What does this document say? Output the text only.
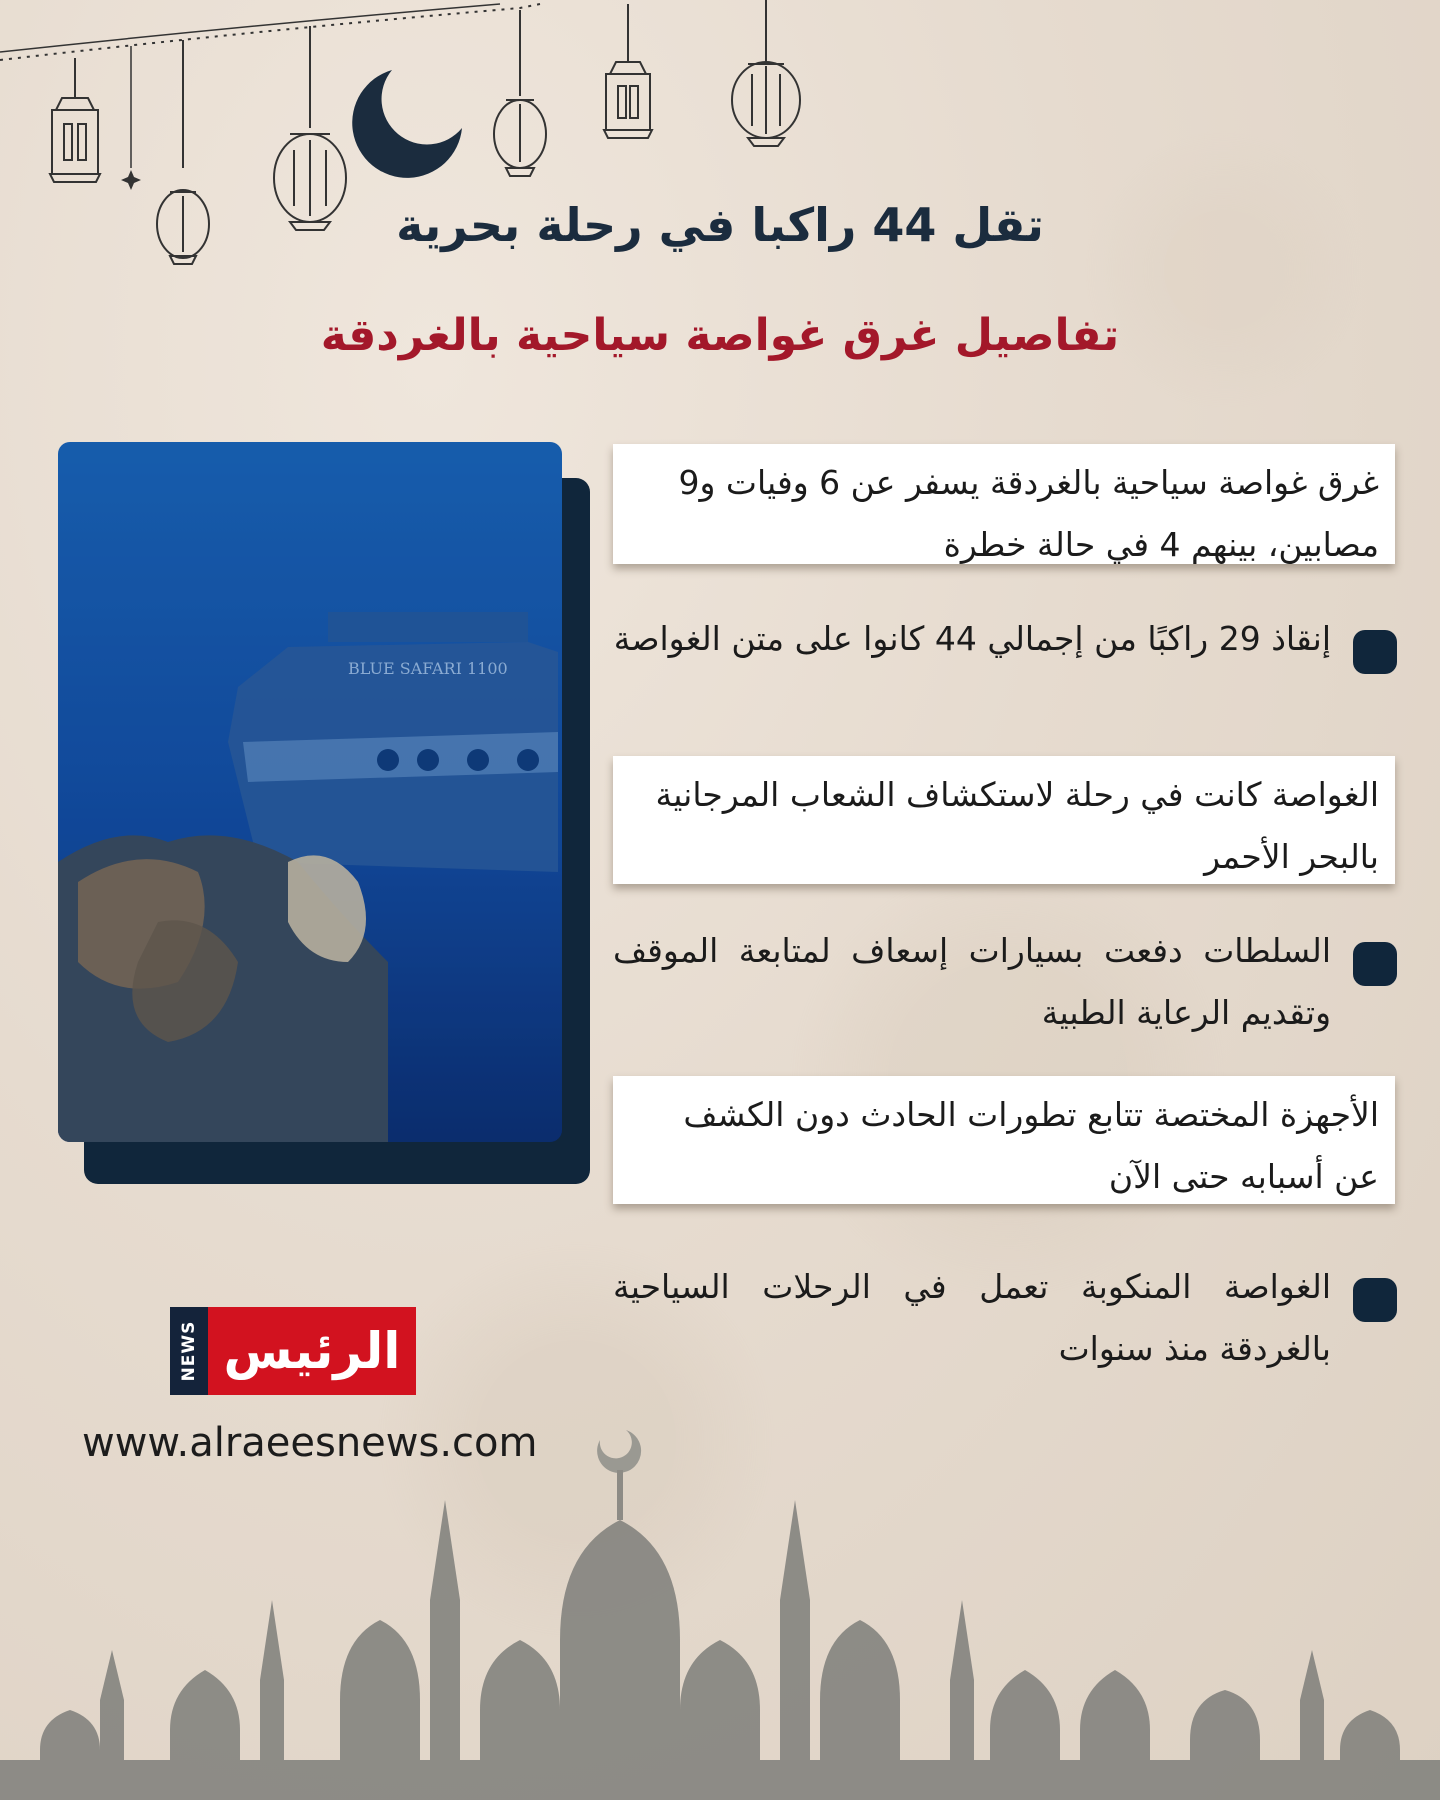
تقل 44 راكبا في رحلة بحرية
تفاصيل غرق غواصة سياحية بالغردقة
BLUE SAFARI 1100
غرق غواصة سياحية بالغردقة يسفر عن 6 وفيات و9 مصابين، بينهم 4 في حالة خطرة
إنقاذ 29 راكبًا من إجمالي 44 كانوا على متن الغواصة
الغواصة كانت في رحلة لاستكشاف الشعاب المرجانية بالبحر الأحمر
السلطات دفعت بسيارات إسعاف لمتابعة الموقف وتقديم الرعاية الطبية
الأجهزة المختصة تتابع تطورات الحادث دون الكشف عن أسبابه حتى الآن
الغواصة المنكوبة تعمل في الرحلات السياحية بالغردقة منذ سنوات
NEWS الرئيس

www.alraeesnews.com
